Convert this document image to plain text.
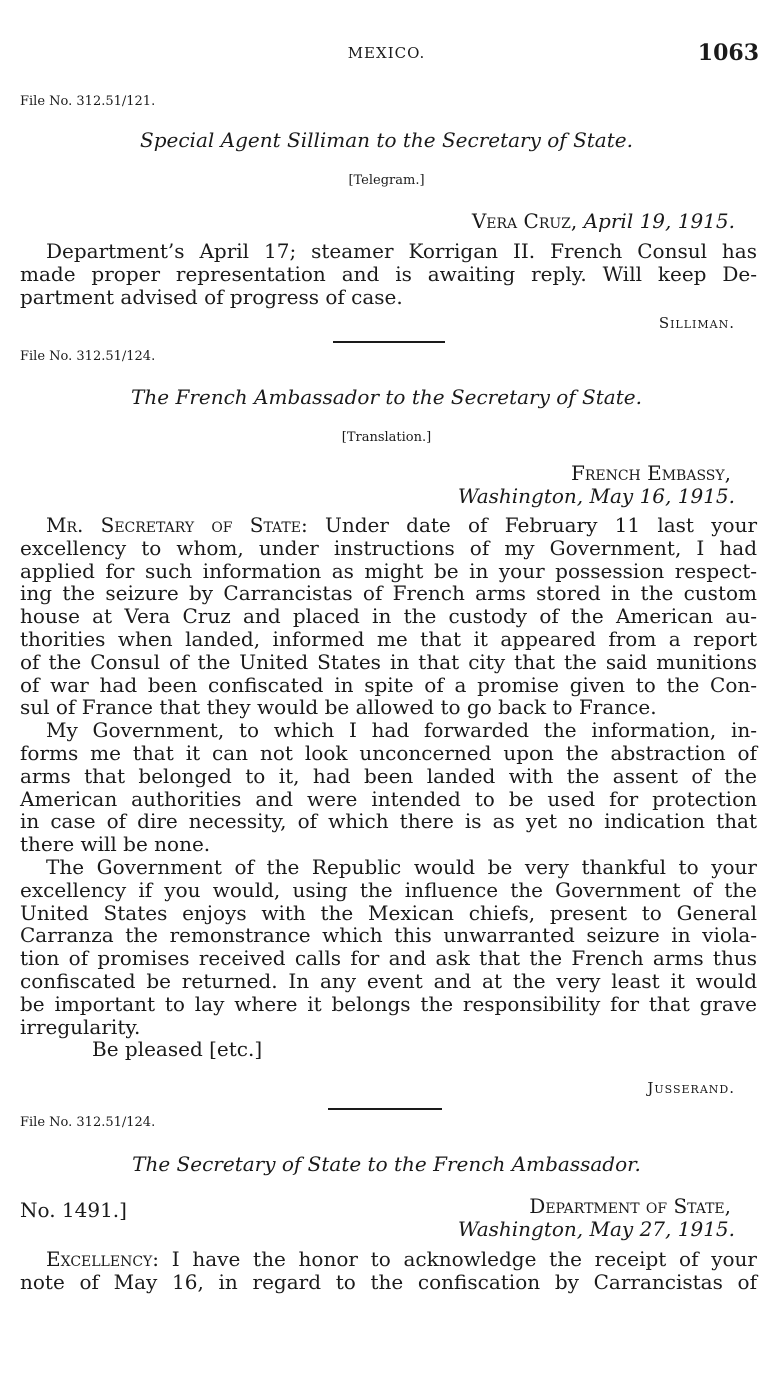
MEXICO.	1063
File No. 312.51/121.
Special Agent Silliman to the Secretary of State.
[Telegram.]
Vera Cruz, April 19, 1915.
Department’s April 17; steamer Korrigan II. French Consul has
made proper representation and is awaiting reply. Will keep De-
partment advised of progress of case.
Silliman.
File No. 312.51/124.
The French Ambassador to the Secretary of State.
[Translation.]
French Embassy,
Washington, May 16, 1915.
Mr. Secretary of State: Under date of February 11 last your
excellency to whom, under instructions of my Government, I had
applied for such information as might be in your possession respect-
ing the seizure by Carrancistas of French arms stored in the custom
house at Vera Cruz and placed in the custody of the American au-
thorities when landed, informed me that it appeared from a report
of the Consul of the United States in that city that the said munitions
of war had been confiscated in spite of a promise given to the Con-
sul of France that they would be allowed to go back to France.
My Government, to which I had forwarded the information, in-
forms me that it can not look unconcerned upon the abstraction of
arms that belonged to it, had been landed with the assent of the
American authorities and were intended to be used for protection
in case of dire necessity, of which there is as yet no indication that
there will be none.
The Government of the Republic would be very thankful to your
excellency if you would, using the influence the Government of the
United States enjoys with the Mexican chiefs, present to General
Carranza the remonstrance which this unwarranted seizure in viola-
tion of promises received calls for and ask that the French arms thus
confiscated be returned. In any event and at the very least it would
be important to lay where it belongs the responsibility for that grave
irregularity.
Be pleased [etc.]
Jusserand.
File No. 312.51/124.
The Secretary of State to the French Ambassador.
No. 1491.]	Department of State,
Washington, May 27, 1915.
Excellency: I have the honor to acknowledge the receipt of your
note of May 16, in regard to the confiscation by Carrancistas of
